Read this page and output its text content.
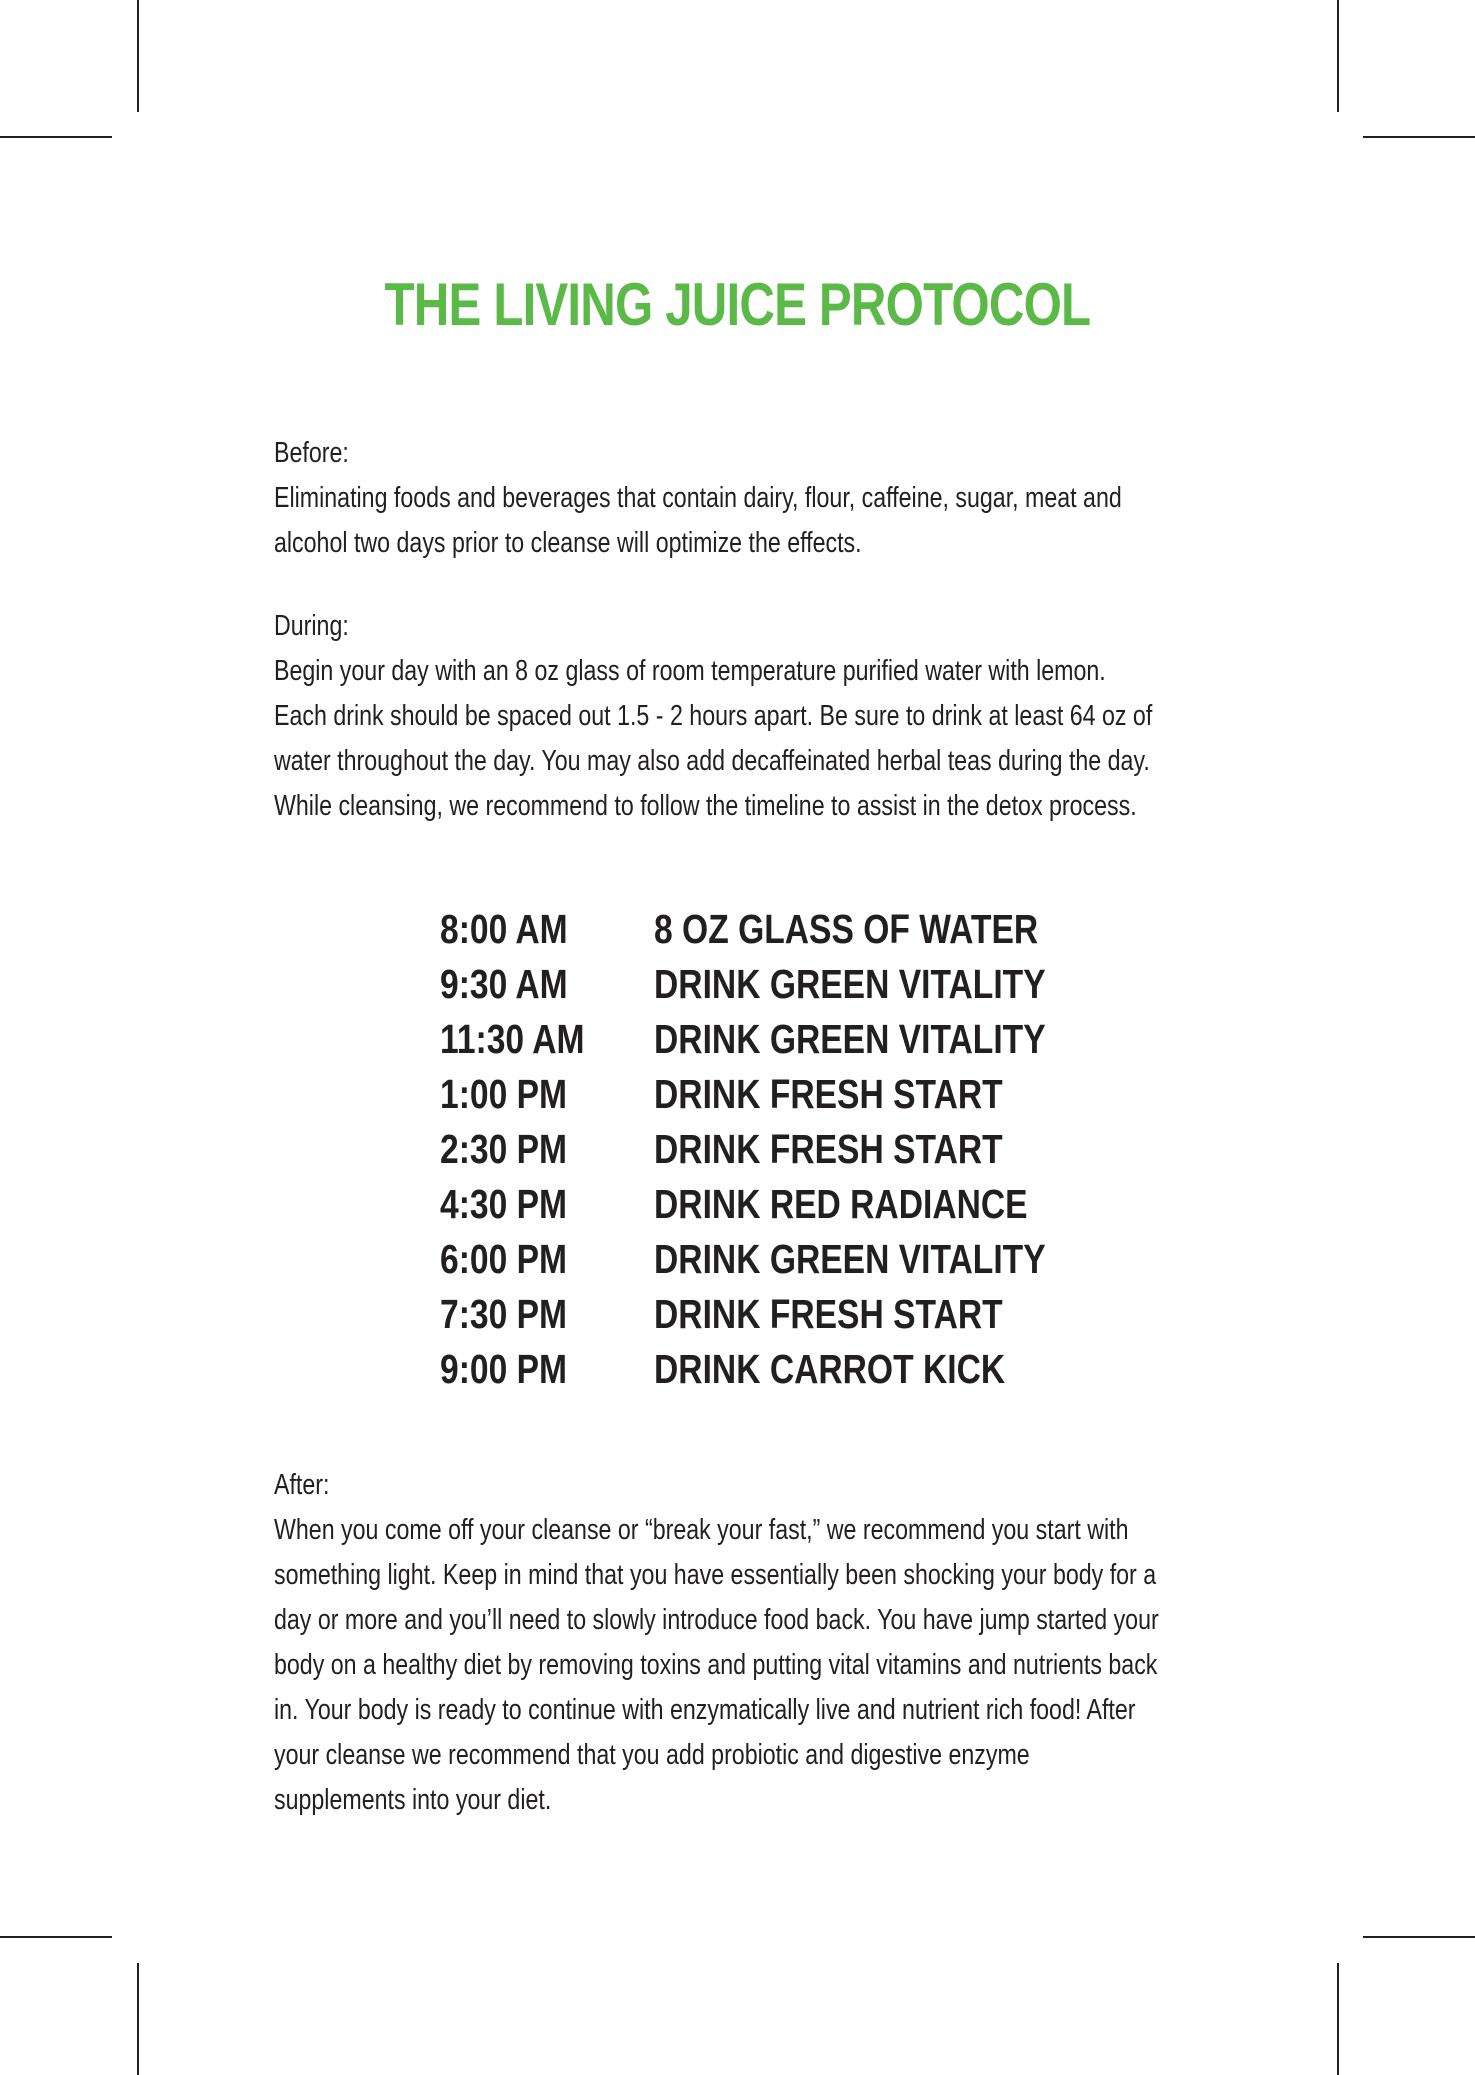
THE LIVING JUICE PROTOCOL

Before:

Eliminating foods and beverages that contain dairy, flour, caffeine, sugar, meat and

alcohol two days prior to cleanse will optimize the effects.

During:

Begin your day with an 8 oz glass of room temperature purified water with lemon.

Each drink should be spaced out 1.5 - 2 hours apart. Be sure to drink at least 64 oz of

water throughout the day. You may also add decaffeinated herbal teas during the day.

While cleansing, we recommend to follow the timeline to assist in the detox process.

8:00 AM	8 OZ GLASS OF WATER
9:30 AM	DRINK GREEN VITALITY
11:30 AM	DRINK GREEN VITALITY
1:00 PM	DRINK FRESH START
2:30 PM	DRINK FRESH START
4:30 PM	DRINK RED RADIANCE
6:00 PM	DRINK GREEN VITALITY
7:30 PM	DRINK FRESH START
9:00 PM	DRINK CARROT KICK

After:

When you come off your cleanse or “break your fast,” we recommend you start with

something light. Keep in mind that you have essentially been shocking your body for a

day or more and you’ll need to slowly introduce food back. You have jump started your

body on a healthy diet by removing toxins and putting vital vitamins and nutrients back

in. Your body is ready to continue with enzymatically live and nutrient rich food! After

your cleanse we recommend that you add probiotic and digestive enzyme

supplements into your diet.
